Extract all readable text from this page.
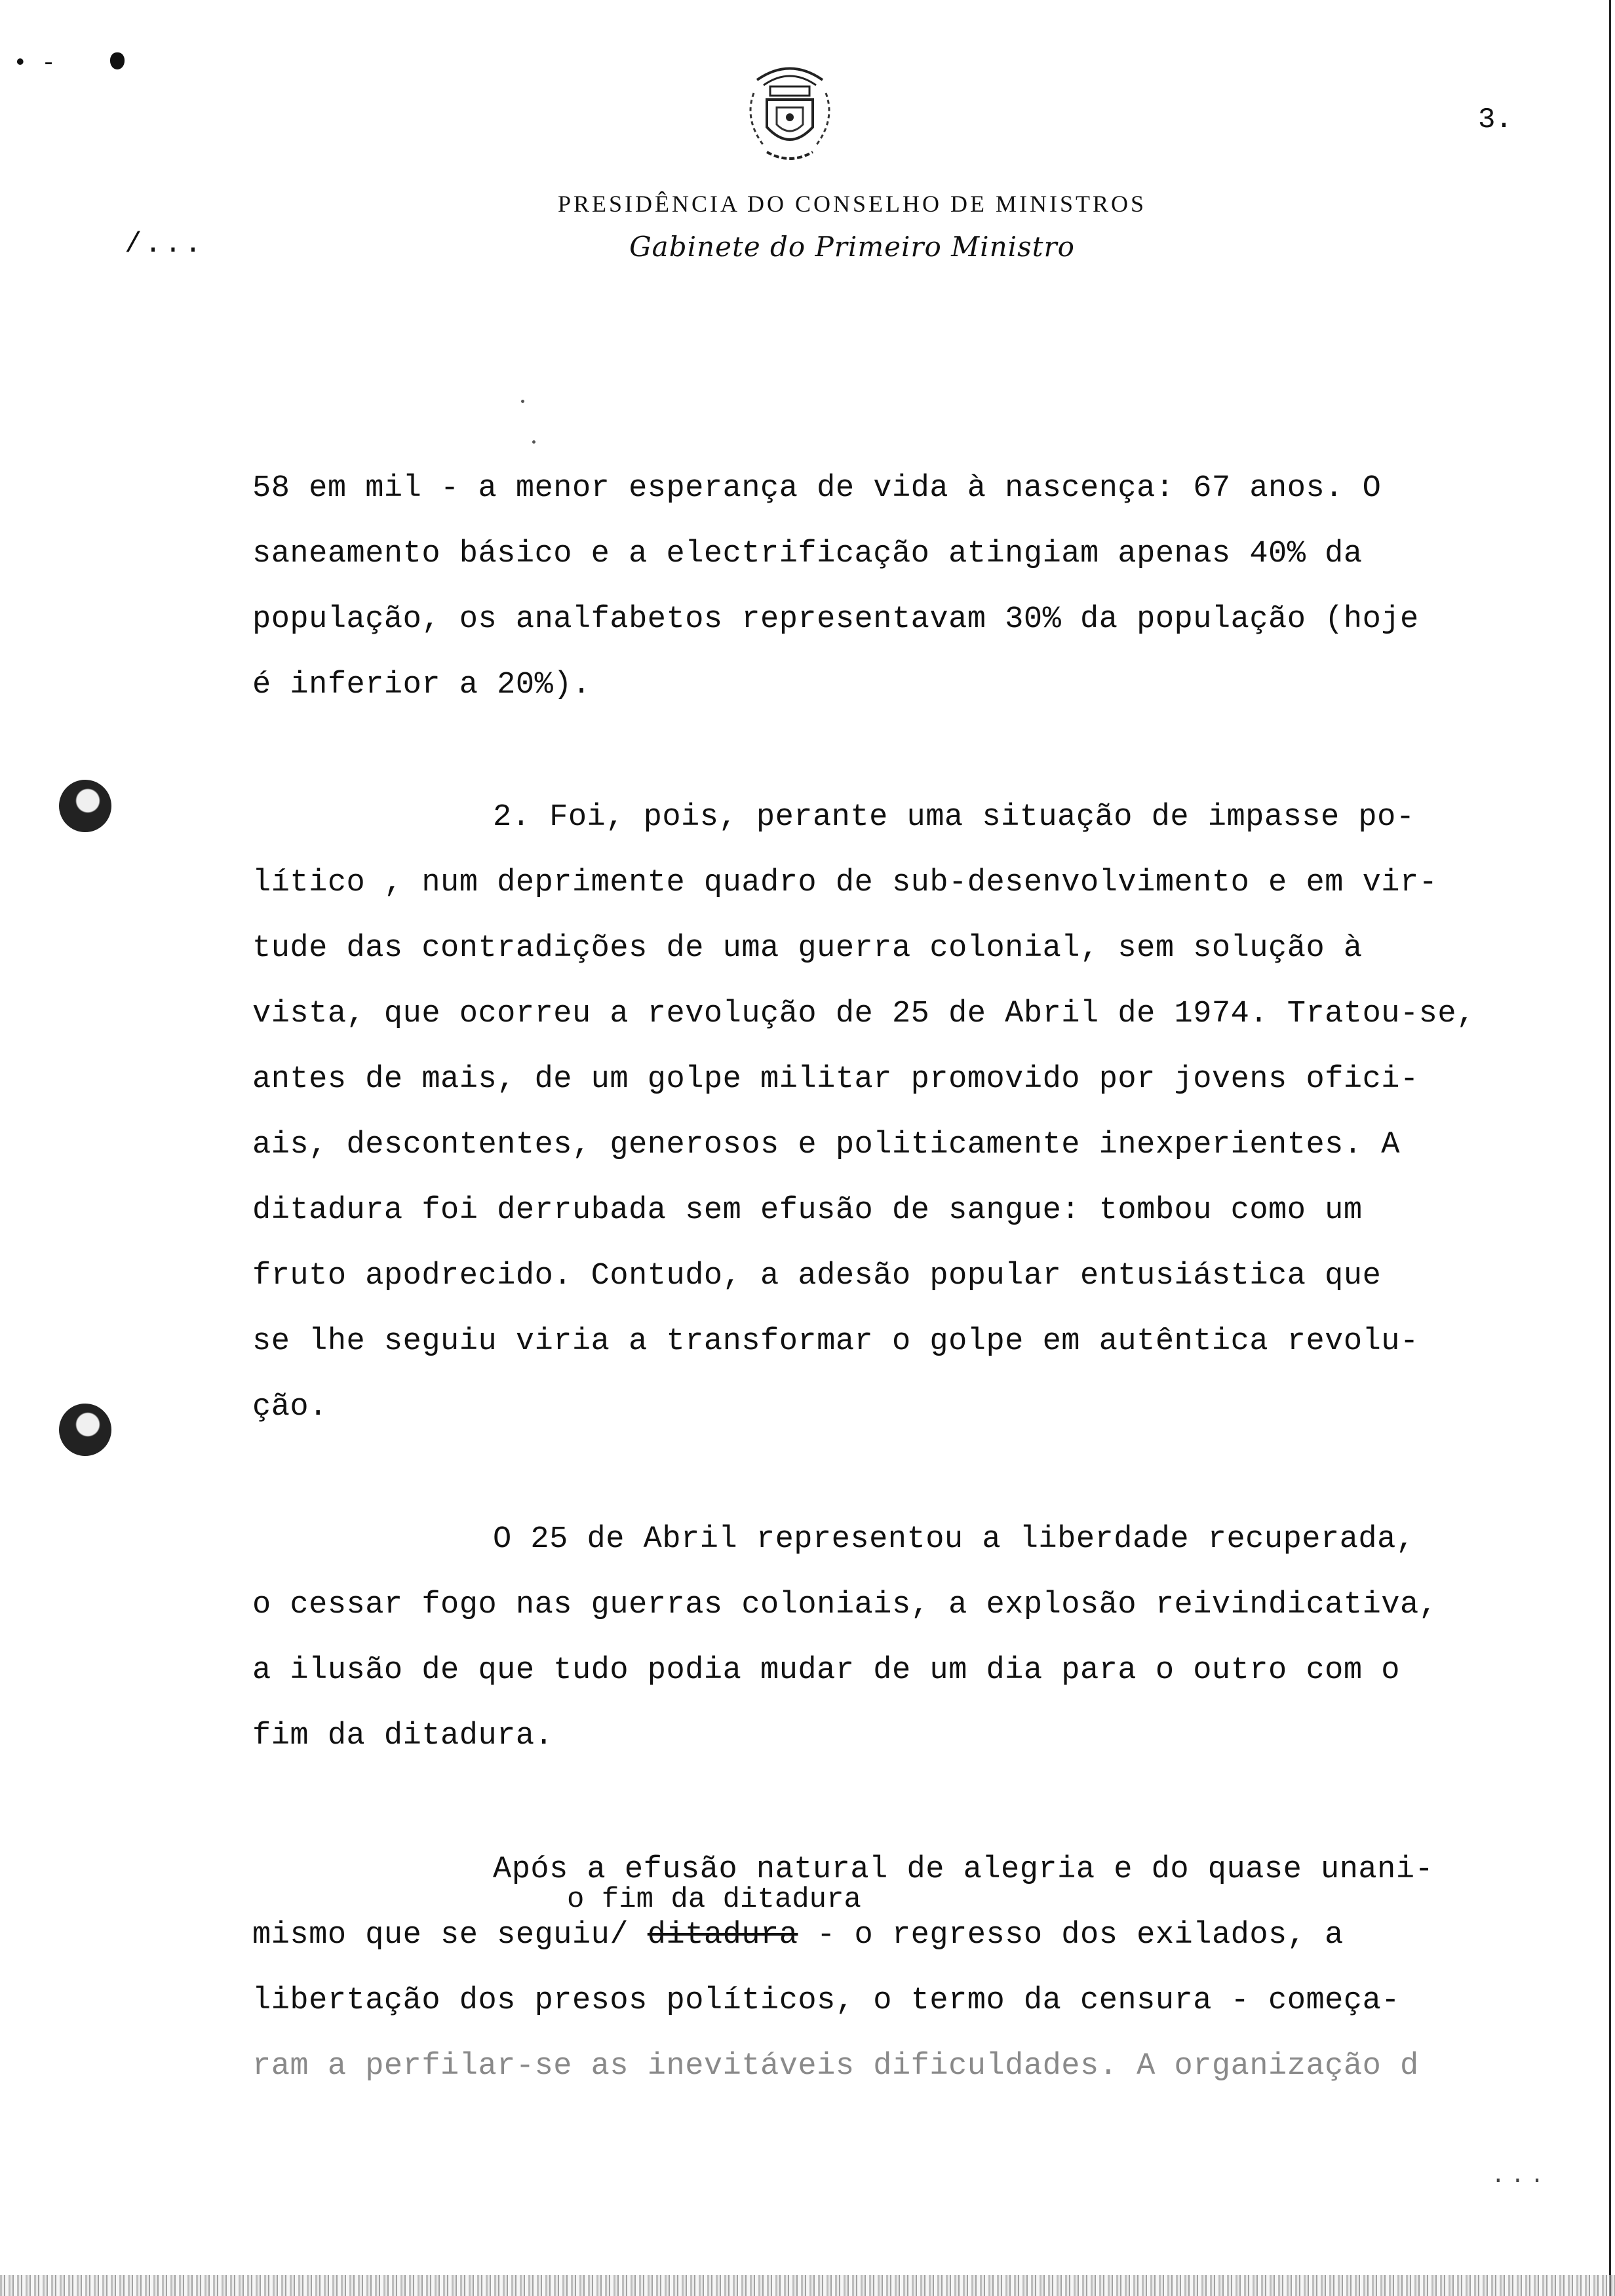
• -
3.
/...
PRESIDÊNCIA DO CONSELHO DE MINISTROS
Gabinete do Primeiro Ministro
58 em mil - a menor esperança de vida à nascença: 67 anos. O
saneamento básico e a electrificação atingiam apenas 40% da
população, os analfabetos representavam 30% da população (hoje
é inferior a 20%).
2. Foi, pois, perante uma situação de impasse po-
lítico , num deprimente quadro de sub-desenvolvimento e em vir-
tude das contradições de uma guerra colonial, sem solução à
vista, que ocorreu a revolução de 25 de Abril de 1974. Tratou-se,
antes de mais, de um golpe militar promovido por jovens ofici-
ais, descontentes, generosos e politicamente inexperientes. A
ditadura foi derrubada sem efusão de sangue: tombou como um
fruto apodrecido. Contudo, a adesão popular entusiástica que
se lhe seguiu viria a transformar o golpe em autêntica revolu-
ção.
O 25 de Abril representou a liberdade recuperada,
o cessar fogo nas guerras coloniais, a explosão reivindicativa,
a ilusão de que tudo podia mudar de um dia para o outro com o
fim da ditadura.
Após a efusão natural de alegria e do quase unani-
o fim da ditadura
mismo que se seguiu/ ditadura - o regresso dos exilados, a
libertação dos presos políticos, o termo da censura - começa-
ram a perfilar-se as inevitáveis dificuldades. A organização d
...
